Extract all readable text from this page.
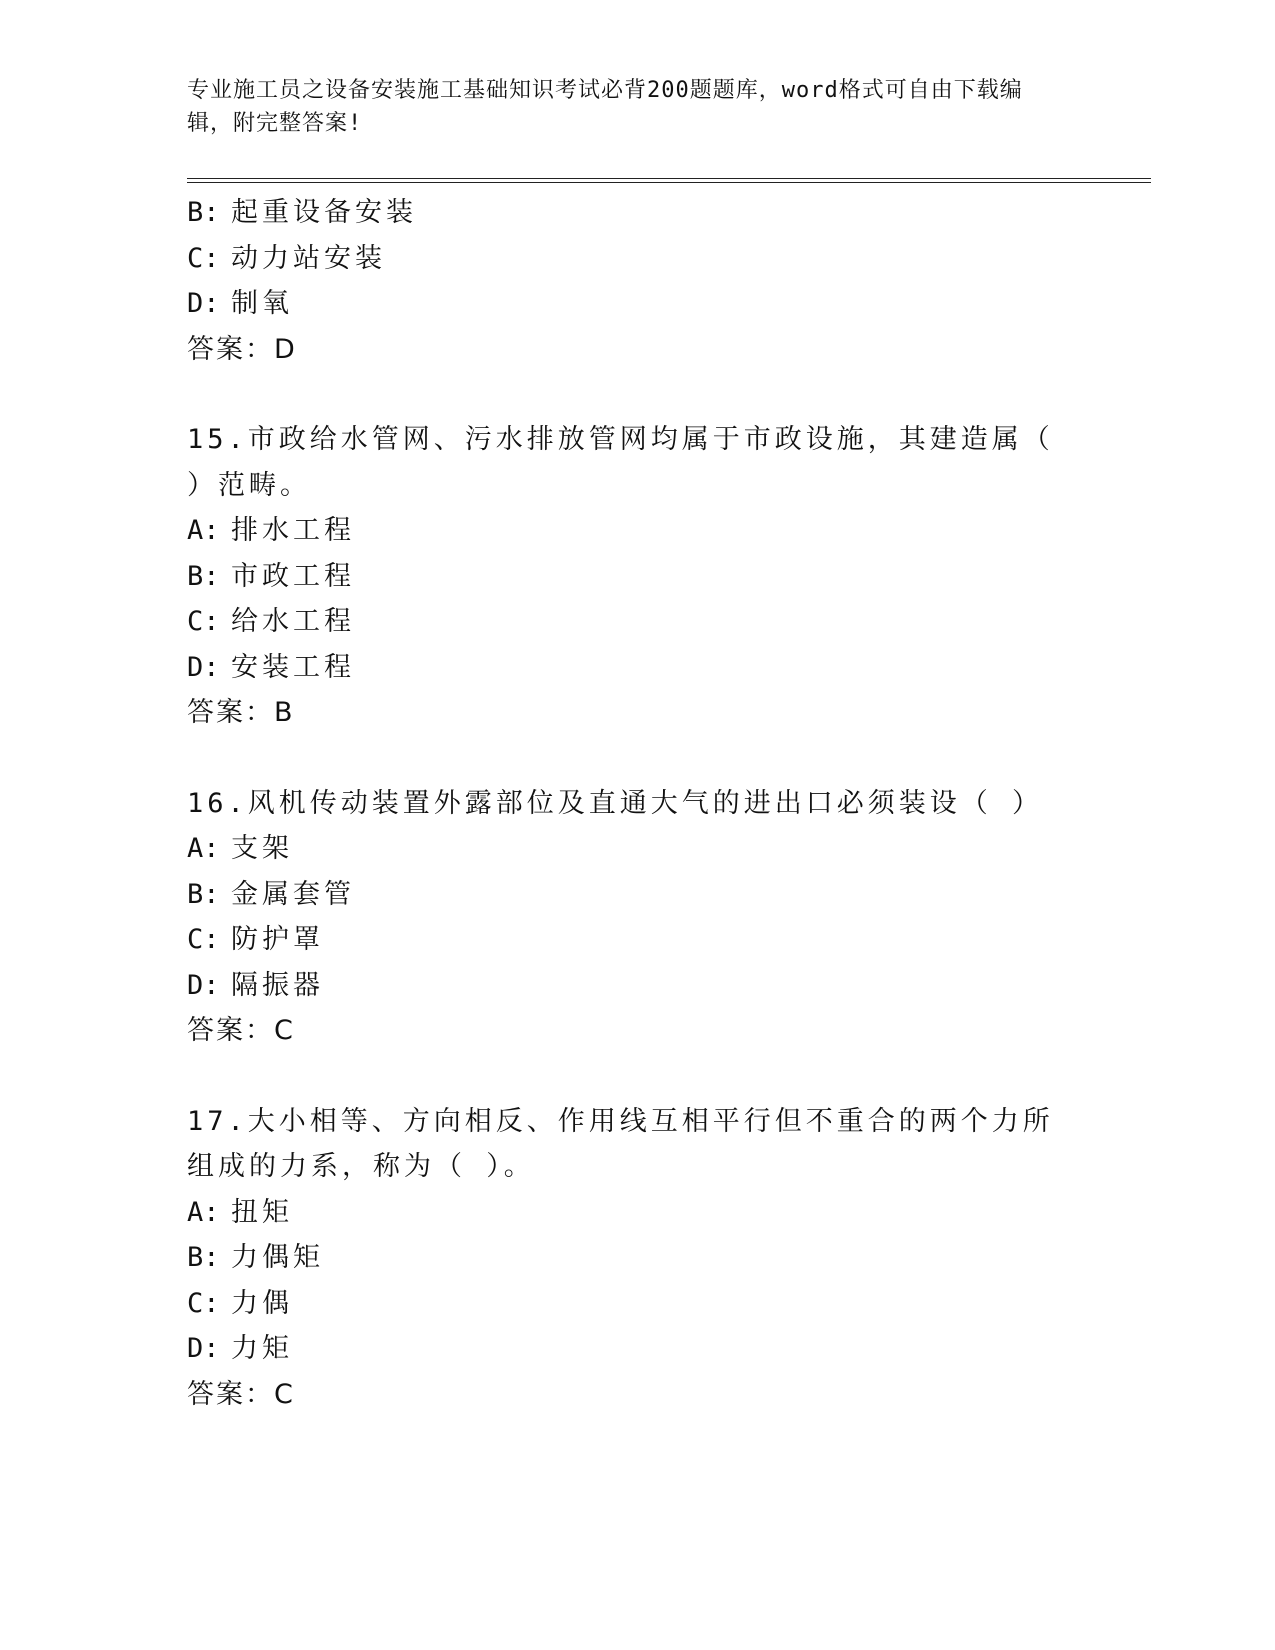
专业施工员之设备安装施工基础知识考试必背200题题库，word格式可自由下载编辑，附完整答案!
B: 起重设备安装
C: 动力站安装
D: 制氧
答案：D
15.市政给水管网、污水排放管网均属于市政设施，其建造属（ ）范畴。
A: 排水工程
B: 市政工程
C: 给水工程
D: 安装工程
答案：B
16.风机传动装置外露部位及直通大气的进出口必须装设（ ）
A: 支架
B: 金属套管
C: 防护罩
D: 隔振器
答案：C
17.大小相等、方向相反、作用线互相平行但不重合的两个力所组成的力系，称为（ ）。
A: 扭矩
B: 力偶矩
C: 力偶
D: 力矩
答案：C
